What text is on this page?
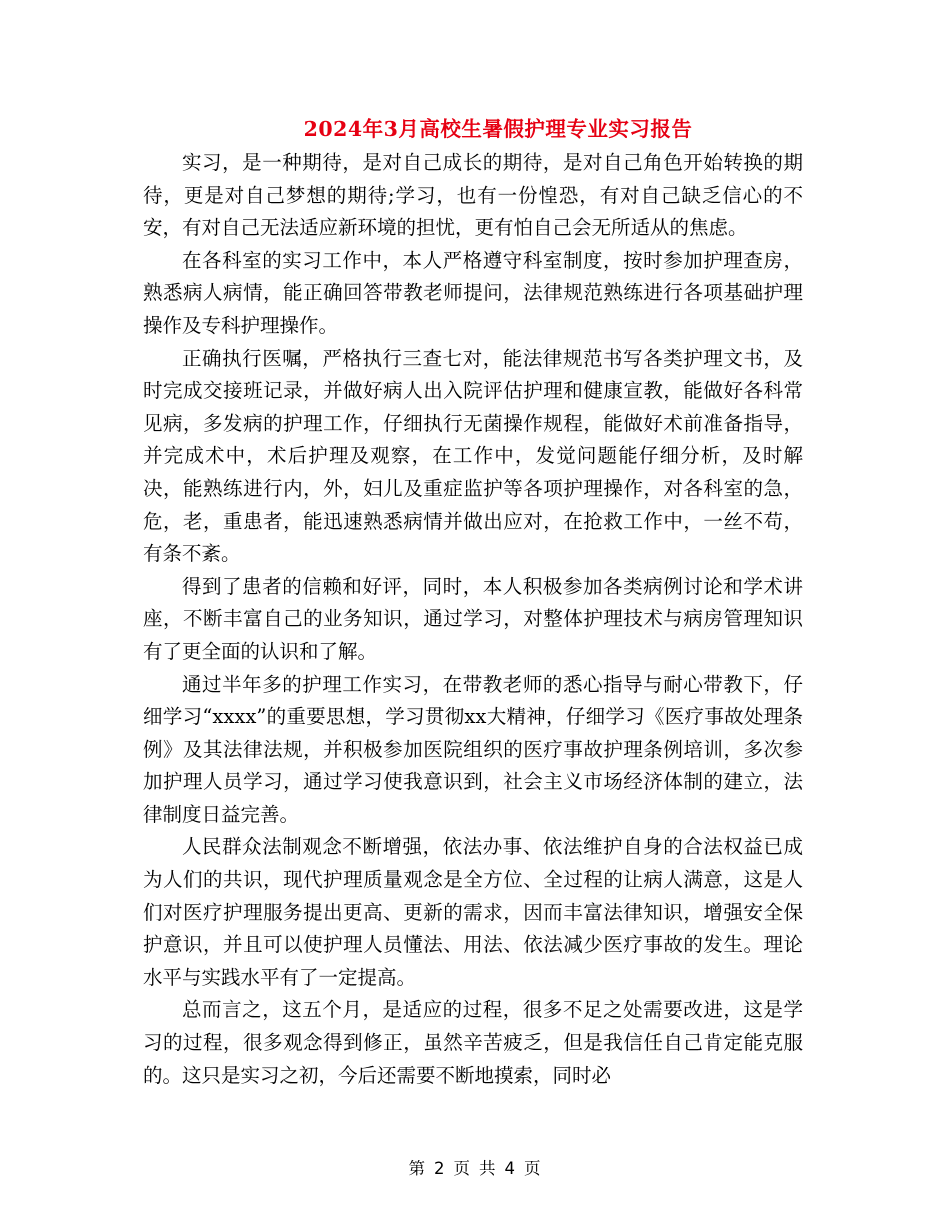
2024年3月高校生暑假护理专业实习报告

实习，是一种期待，是对自己成长的期待，是对自己角色开始转换的期待，更是对自己梦想的期待;学习，也有一份惶恐，有对自己缺乏信心的不安，有对自己无法适应新环境的担忧，更有怕自己会无所适从的焦虑。

在各科室的实习工作中，本人严格遵守科室制度，按时参加护理查房，熟悉病人病情，能正确回答带教老师提问，法律规范熟练进行各项基础护理操作及专科护理操作。

正确执行医嘱，严格执行三查七对，能法律规范书写各类护理文书，及时完成交接班记录，并做好病人出入院评估护理和健康宣教，能做好各科常见病，多发病的护理工作，仔细执行无菌操作规程，能做好术前准备指导，并完成术中，术后护理及观察，在工作中，发觉问题能仔细分析，及时解决，能熟练进行内，外，妇儿及重症监护等各项护理操作，对各科室的急，危，老，重患者，能迅速熟悉病情并做出应对，在抢救工作中，一丝不苟，有条不紊。

得到了患者的信赖和好评，同时，本人积极参加各类病例讨论和学术讲座，不断丰富自己的业务知识，通过学习，对整体护理技术与病房管理知识有了更全面的认识和了解。

通过半年多的护理工作实习，在带教老师的悉心指导与耐心带教下，仔细学习“xxxx”的重要思想，学习贯彻xx大精神，仔细学习《医疗事故处理条例》及其法律法规，并积极参加医院组织的医疗事故护理条例培训，多次参加护理人员学习，通过学习使我意识到，社会主义市场经济体制的建立，法律制度日益完善。

人民群众法制观念不断增强，依法办事、依法维护自身的合法权益已成为人们的共识，现代护理质量观念是全方位、全过程的让病人满意，这是人们对医疗护理服务提出更高、更新的需求，因而丰富法律知识，增强安全保护意识，并且可以使护理人员懂法、用法、依法减少医疗事故的发生。理论水平与实践水平有了一定提高。

总而言之，这五个月，是适应的过程，很多不足之处需要改进，这是学习的过程，很多观念得到修正，虽然辛苦疲乏，但是我信任自己肯定能克服的。这只是实习之初，今后还需要不断地摸索，同时必

第 2 页 共 4 页
